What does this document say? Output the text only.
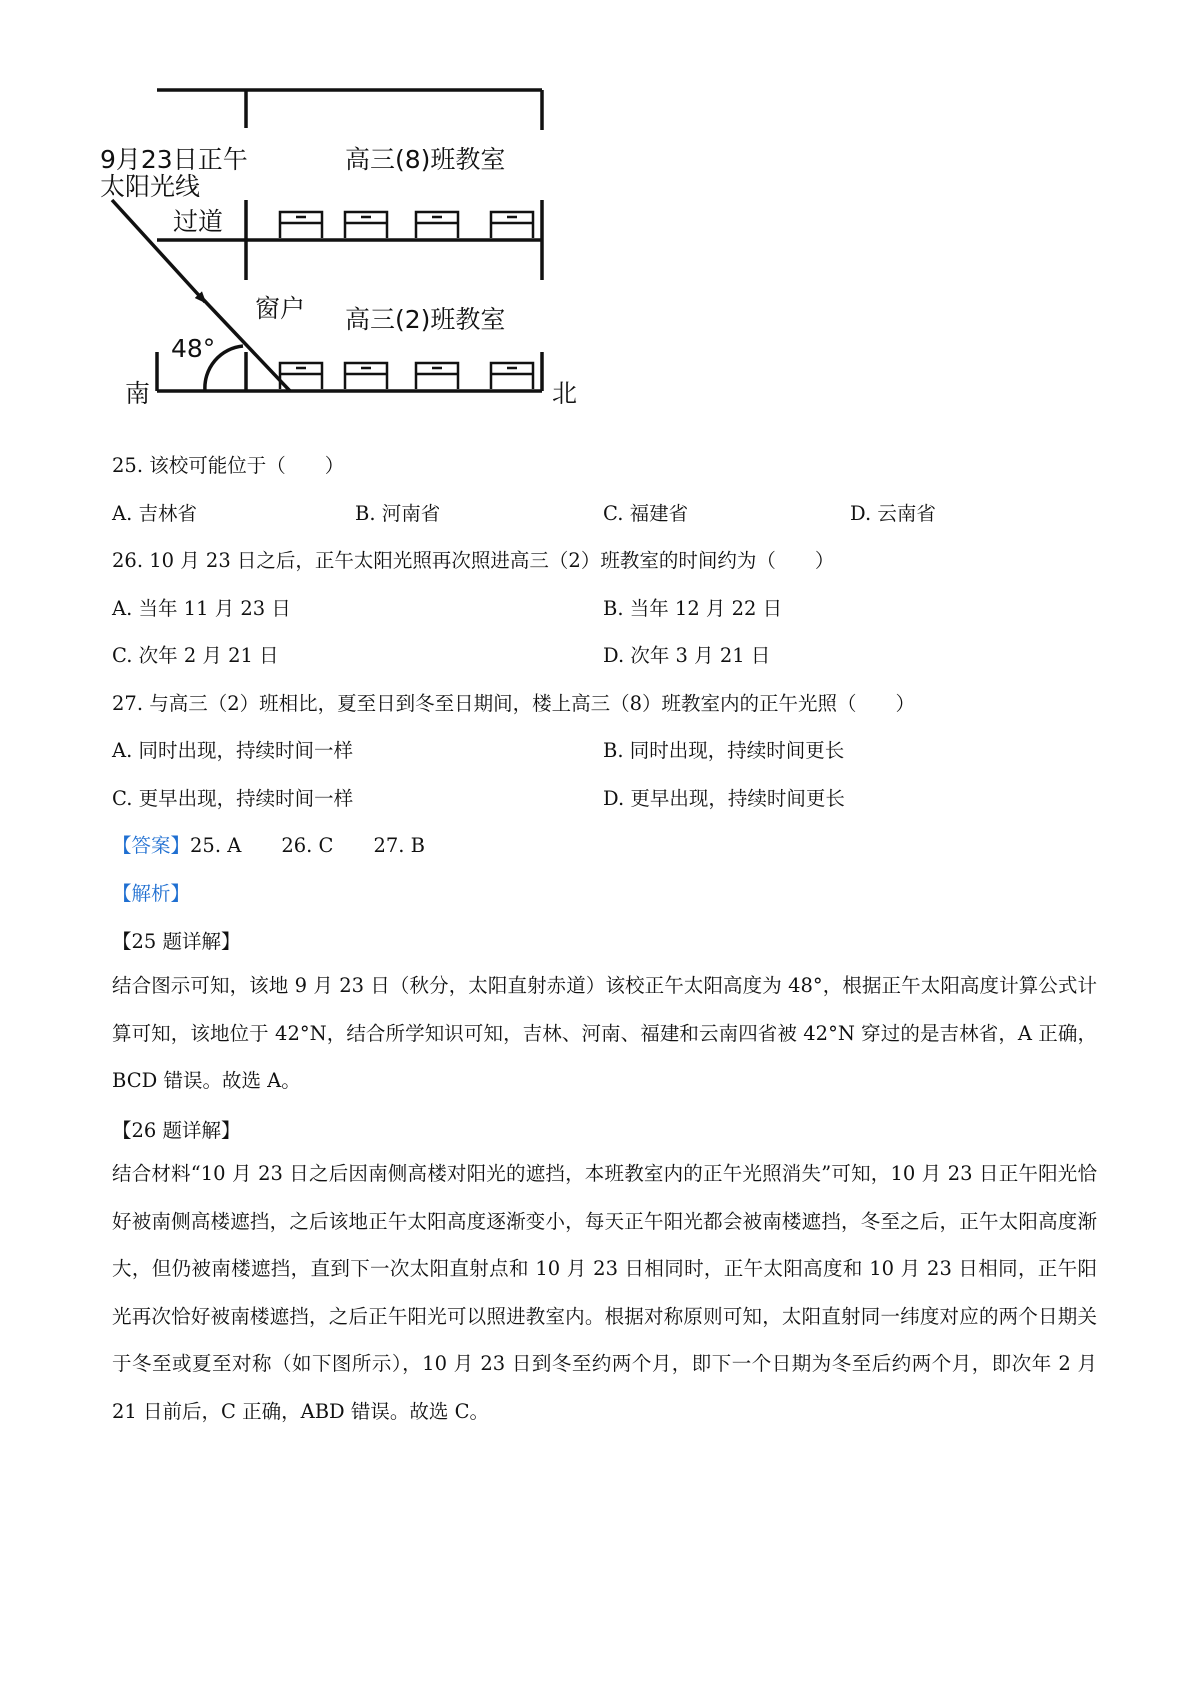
9月23日正午
太阳光线
高三(8)班教室
过道
窗户 高三(2)班教室
48°
南	北
25. 该校可能位于（　　）
A. 吉林省	B. 河南省	C. 福建省	D. 云南省
26. 10 月 23 日之后，正午太阳光照再次照进高三（2）班教室的时间约为（　　）
A. 当年 11 月 23 日	B. 当年 12 月 22 日
C. 次年 2 月 21 日	D. 次年 3 月 21 日
27. 与高三（2）班相比，夏至日到冬至日期间，楼上高三（8）班教室内的正午光照（　　）
A. 同时出现，持续时间一样	B. 同时出现，持续时间更长
C. 更早出现，持续时间一样	D. 更早出现，持续时间更长
【答案】25. A 26. C 27. B
【解析】
【25 题详解】
结合图示可知，该地 9 月 23 日（秋分，太阳直射赤道）该校正午太阳高度为 48°，根据正午太阳高度计算公式计算可知，该地位于 42°N，结合所学知识可知，吉林、河南、福建和云南四省被 42°N 穿过的是吉林省，A 正确，BCD 错误。故选 A。
【26 题详解】
结合材料“10 月 23 日之后因南侧高楼对阳光的遮挡，本班教室内的正午光照消失”可知，10 月 23 日正午阳光恰好被南侧高楼遮挡，之后该地正午太阳高度逐渐变小，每天正午阳光都会被南楼遮挡，冬至之后，正午太阳高度渐大，但仍被南楼遮挡，直到下一次太阳直射点和 10 月 23 日相同时，正午太阳高度和 10 月 23 日相同，正午阳光再次恰好被南楼遮挡，之后正午阳光可以照进教室内。根据对称原则可知，太阳直射同一纬度对应的两个日期关于冬至或夏至对称（如下图所示），10 月 23 日到冬至约两个月，即下一个日期为冬至后约两个月，即次年 2 月 21 日前后，C 正确，ABD 错误。故选 C。
